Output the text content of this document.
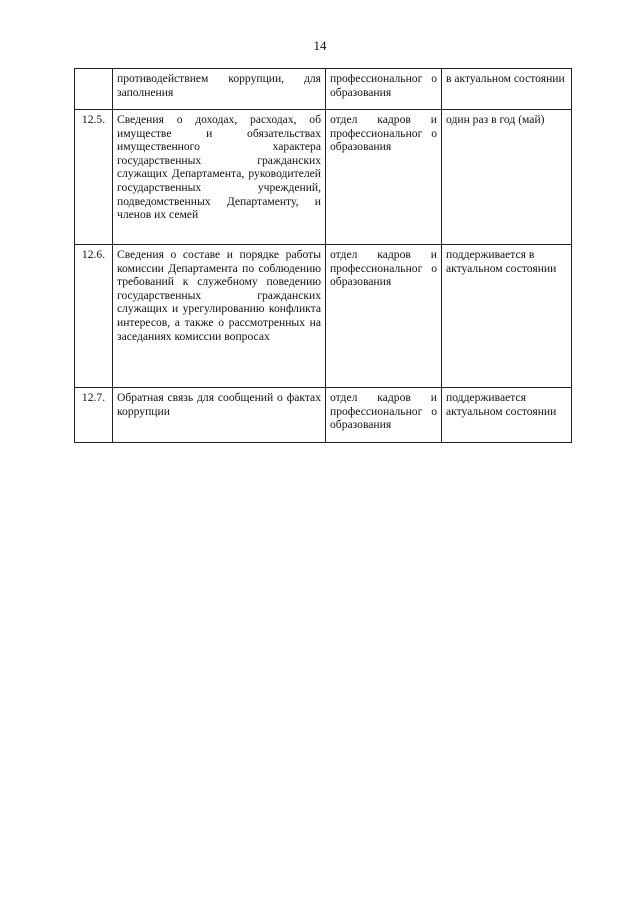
14
	противодействием коррупции, для заполнения	профессиональног о образования	в актуальном состоянии
12.5.	Сведения о доходах, расходах, об имуществе и обязательствах имущественного характера государственных гражданских служащих Департамента, руководителей государственных учреждений, подведомственных Департаменту, и членов их семей	отдел кадров и профессиональног о образования	один раз в год (май)
12.6.	Сведения о составе и порядке работы комиссии Департамента по соблюдению требований к служебному поведению государственных гражданских служащих и урегулированию конфликта интересов, а также о рассмотренных на заседаниях комиссии вопросах	отдел кадров и профессиональног о образования	поддерживается в актуальном состоянии
12.7.	Обратная связь для сообщений о фактах коррупции	отдел кадров и профессиональног о образования	поддерживается актуальном состоянии
